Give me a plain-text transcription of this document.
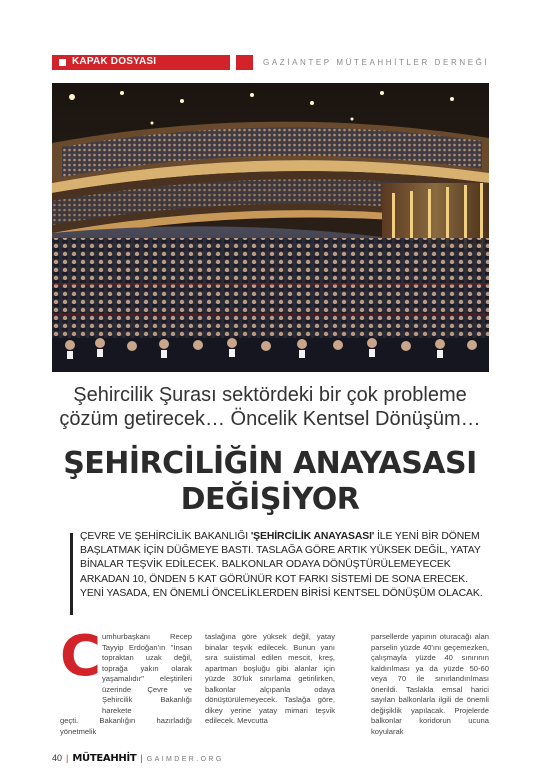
KAPAK DOSYASI	GAZİANTEP MÜTEAHHİTLER DERNEĞİ
Şehircilik Şurası sektördeki bir çok probleme
çözüm getirecek… Öncelik Kentsel Dönüşüm…
ŞEHİRCİLİĞİN ANAYASASI
DEĞİŞİYOR
ÇEVRE VE ŞEHİRCİLİK BAKANLIĞI 'ŞEHİRCİLİK ANAYASASI' İLE YENİ BİR DÖNEM BAŞLATMAK İÇİN DÜĞMEYE BASTI. TASLAĞA GÖRE ARTIK YÜKSEK DEĞİL, YATAY BİNALAR TEŞVİK EDİLECEK. BALKONLAR ODAYA DÖNÜŞTÜRÜLEMEYECEK ARKADAN 10, ÖNDEN 5 KAT GÖRÜNÜR KOT FARKI SİSTEMİ DE SONA ERECEK. YENİ YASADA, EN ÖNEMLİ ÖNCELİKLERDEN BİRİSİ KENTSEL DÖNÜŞÜM OLACAK.
C umhurbaşkanı Recep Tayyip Erdoğan'ın "İnsan topraktan uzak değil, toprağa yakın olarak yaşamalıdır" eleştirileri üzerinde Çevre ve Şehircilik Bakanlığı harekete
geçti. Bakanlığın hazırladığı yönetmelik
taslağına göre yüksek değil, yatay binalar teşvik edilecek. Bunun yanı sıra suiistimal edilen mescit, kreş, apartman boşluğu gibi alanlar için yüzde 30'luk sınırlama getirilirken, balkonlar alçıpanla odaya dönüştürülemeyecek. Taslağa göre, dikey yerine yatay mimari teşvik edilecek. Mevcutta
parsellerde yapının oturacağı alan parselin yüzde 40'ını geçemezken, çalışmayla yüzde 40 sınırının kaldırılması ya da yüzde 50-60 veya 70 ile sınırlandırılması önerildi. Taslakla emsal harici sayılan balkonlarla ilgili de önemli değişiklik yapılacak. Projelerde balkonlar koridorun ucuna koyularak
40 | MÜTEAHHİT | GAIMDER.ORG
